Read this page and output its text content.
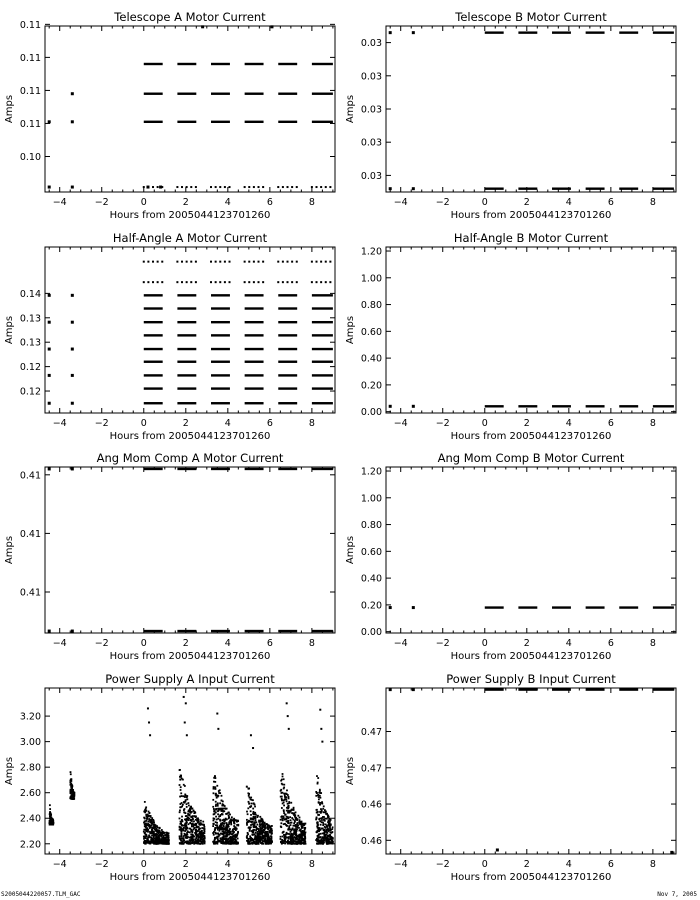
Telescope A Motor Current
−4	−2	0	2	4	6	8
0.10
0.11
0.11
0.11
0.11
Hours from 2005044123701260
Amps
Telescope B Motor Current
−4	−2	0	2	4	6	8
0.03
0.03
0.03
0.03
0.03
Hours from 2005044123701260
Amps
Half-Angle A Motor Current
−4	−2	0	2	4	6	8
0.12
0.12
0.13
0.13
0.14
Hours from 2005044123701260
Amps
Half-Angle B Motor Current
−4	−2	0	2	4	6	8
0.00
0.20
0.40
0.60
0.80
1.00
1.20
Hours from 2005044123701260
Amps
Ang Mom Comp A Motor Current
−4	−2	0	2	4	6	8
0.41
0.41
0.41
Hours from 2005044123701260
Amps
Ang Mom Comp B Motor Current
−4	−2	0	2	4	6	8
0.00
0.20
0.40
0.60
0.80
1.00
1.20
Hours from 2005044123701260
Amps
Power Supply A Input Current
−4	−2	0	2	4	6	8
2.20
2.40
2.60
2.80
3.00
3.20
Hours from 2005044123701260
Amps
Power Supply B Input Current
−4	−2	0	2	4	6	8
0.46
0.46
0.47
0.47
Hours from 2005044123701260
Amps
S2005044220057.TLM_GAC	Nov 7, 2005
